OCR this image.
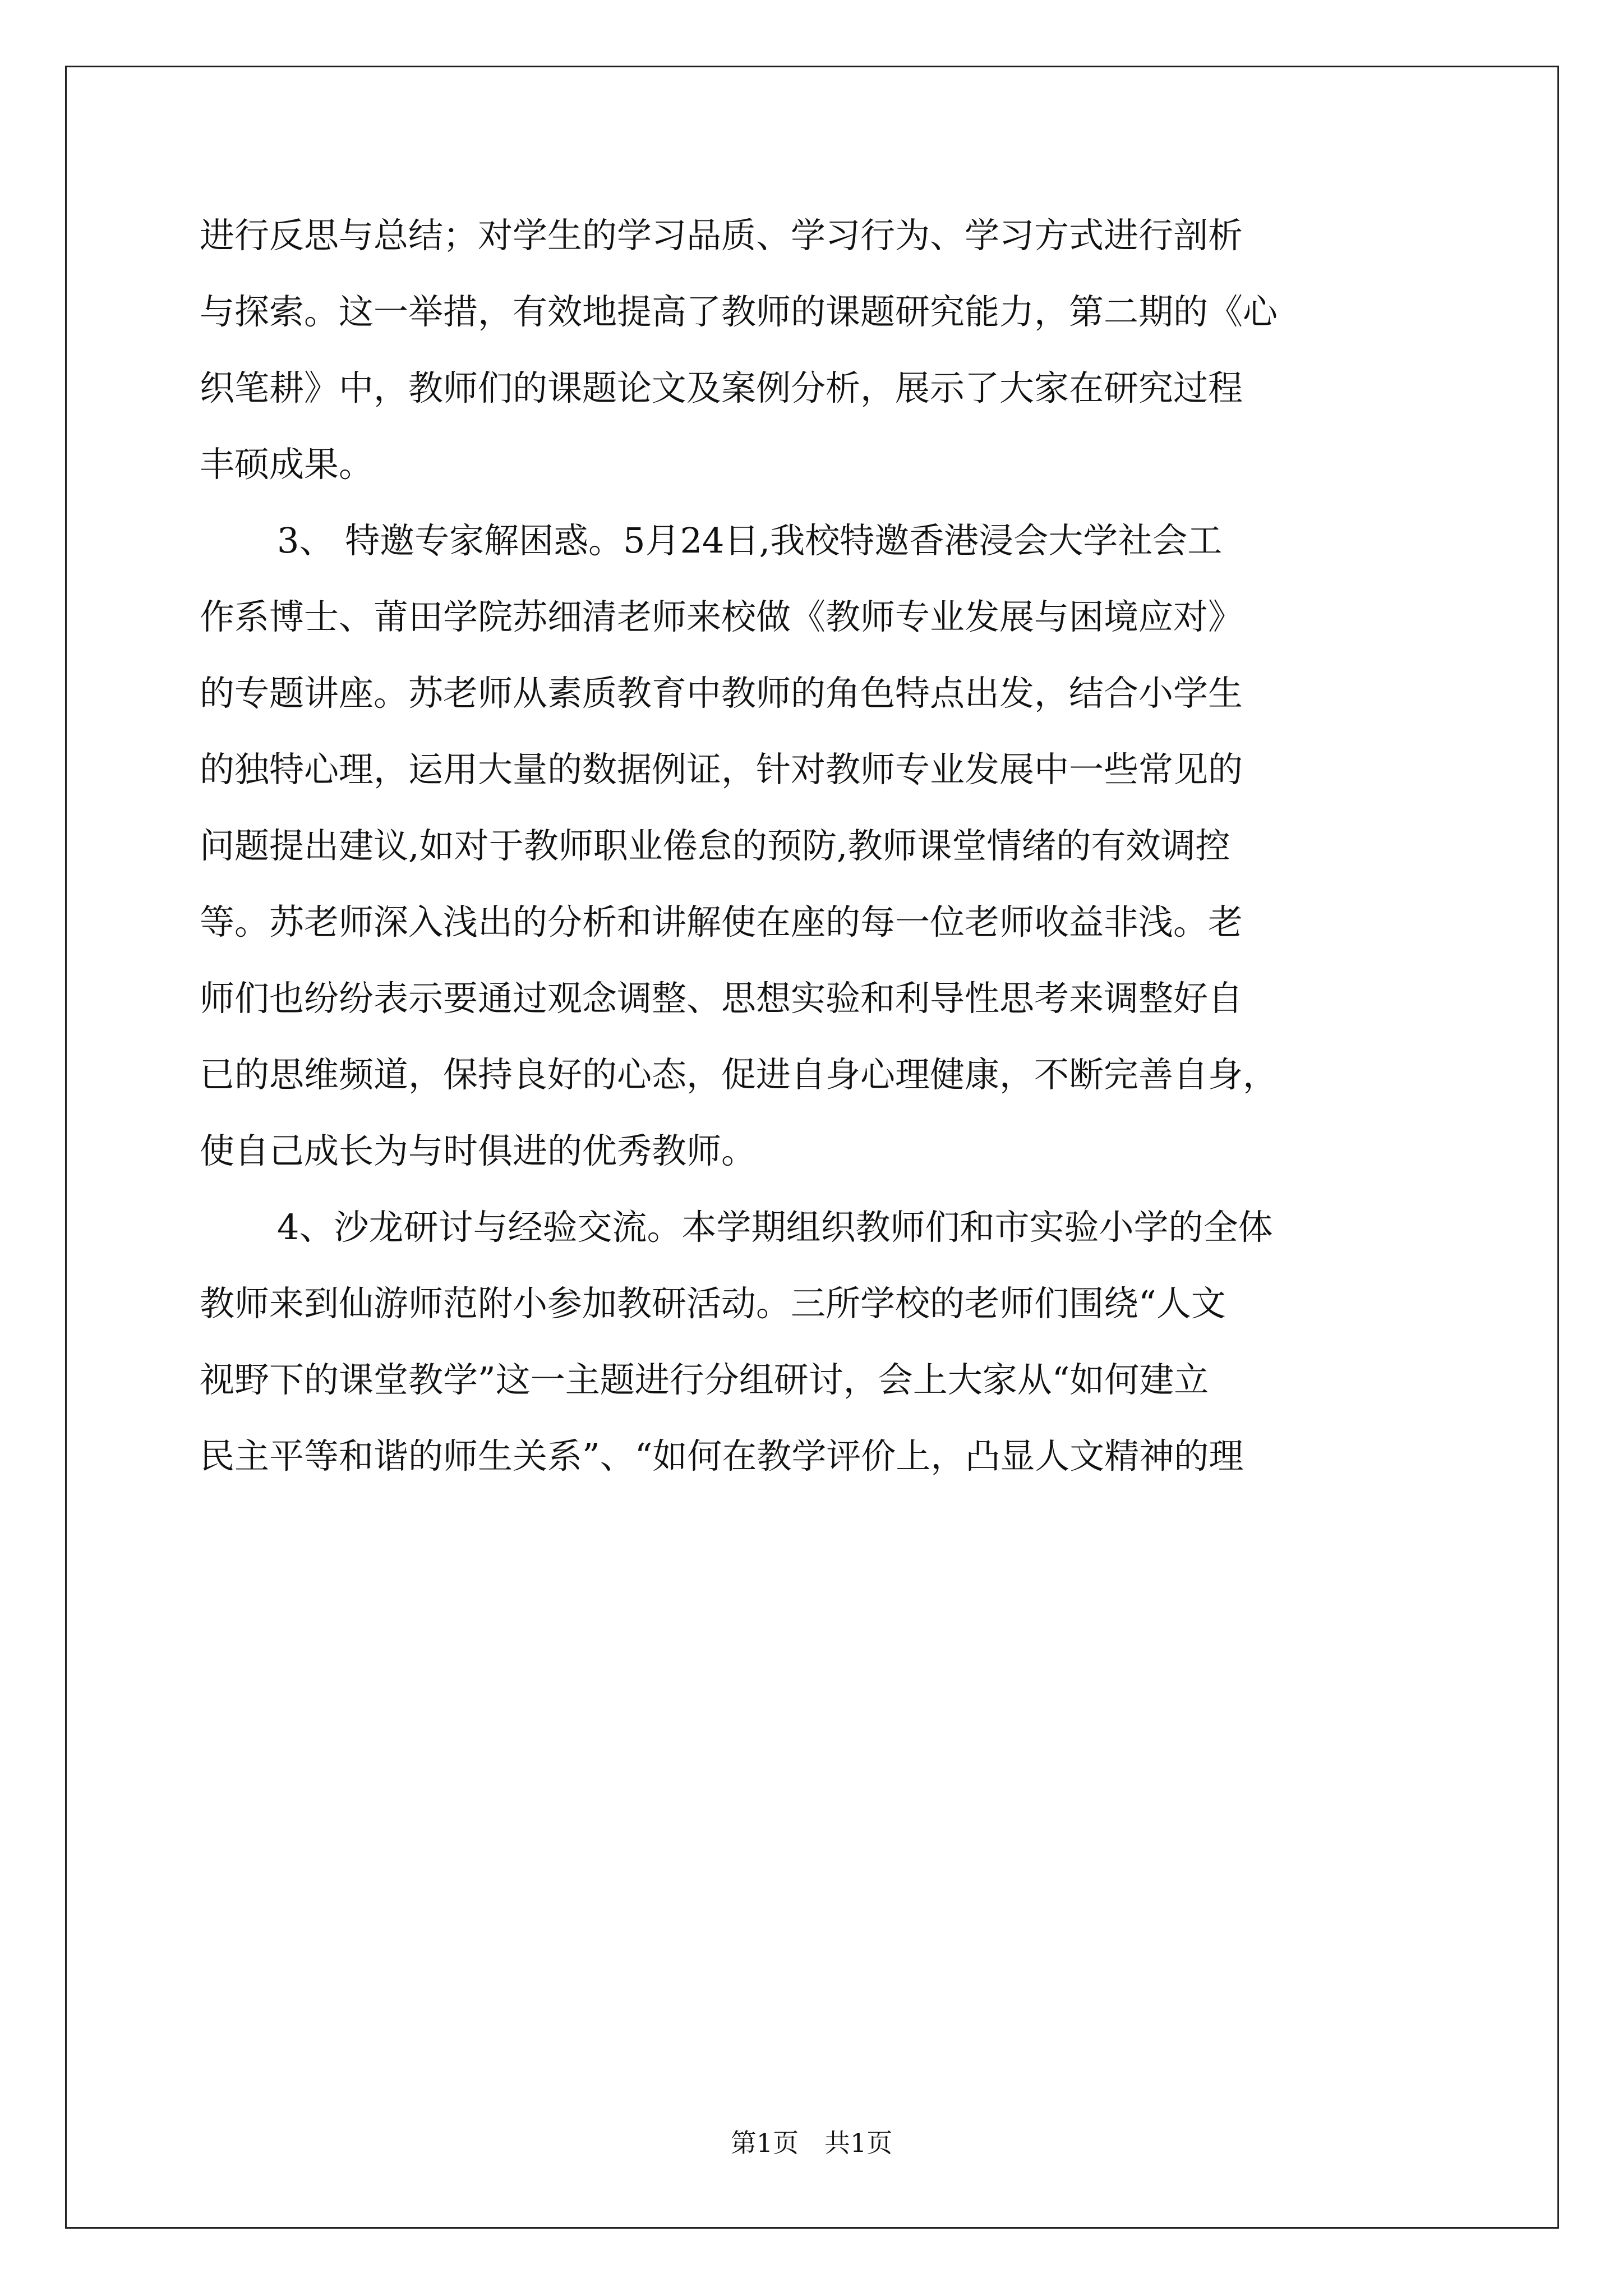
进行反思与总结；对学生的学习品质、学习行为、学习方式进行剖析
与探索。这一举措，有效地提高了教师的课题研究能力，第二期的《心
织笔耕》中，教师们的课题论文及案例分析，展示了大家在研究过程
丰硕成果。
3、 特邀专家解困惑。5月24日,我校特邀香港浸会大学社会工
作系博士、莆田学院苏细清老师来校做《教师专业发展与困境应对》
的专题讲座。苏老师从素质教育中教师的角色特点出发，结合小学生
的独特心理，运用大量的数据例证，针对教师专业发展中一些常见的
问题提出建议,如对于教师职业倦怠的预防,教师课堂情绪的有效调控
等。苏老师深入浅出的分析和讲解使在座的每一位老师收益非浅。老
师们也纷纷表示要通过观念调整、思想实验和利导性思考来调整好自
已的思维频道，保持良好的心态，促进自身心理健康，不断完善自身，
使自己成长为与时俱进的优秀教师。
4、沙龙研讨与经验交流。本学期组织教师们和市实验小学的全体
教师来到仙游师范附小参加教研活动。三所学校的老师们围绕“人文
视野下的课堂教学”这一主题进行分组研讨，会上大家从“如何建立
民主平等和谐的师生关系”、“如何在教学评价上，凸显人文精神的理
第1页　共1页
